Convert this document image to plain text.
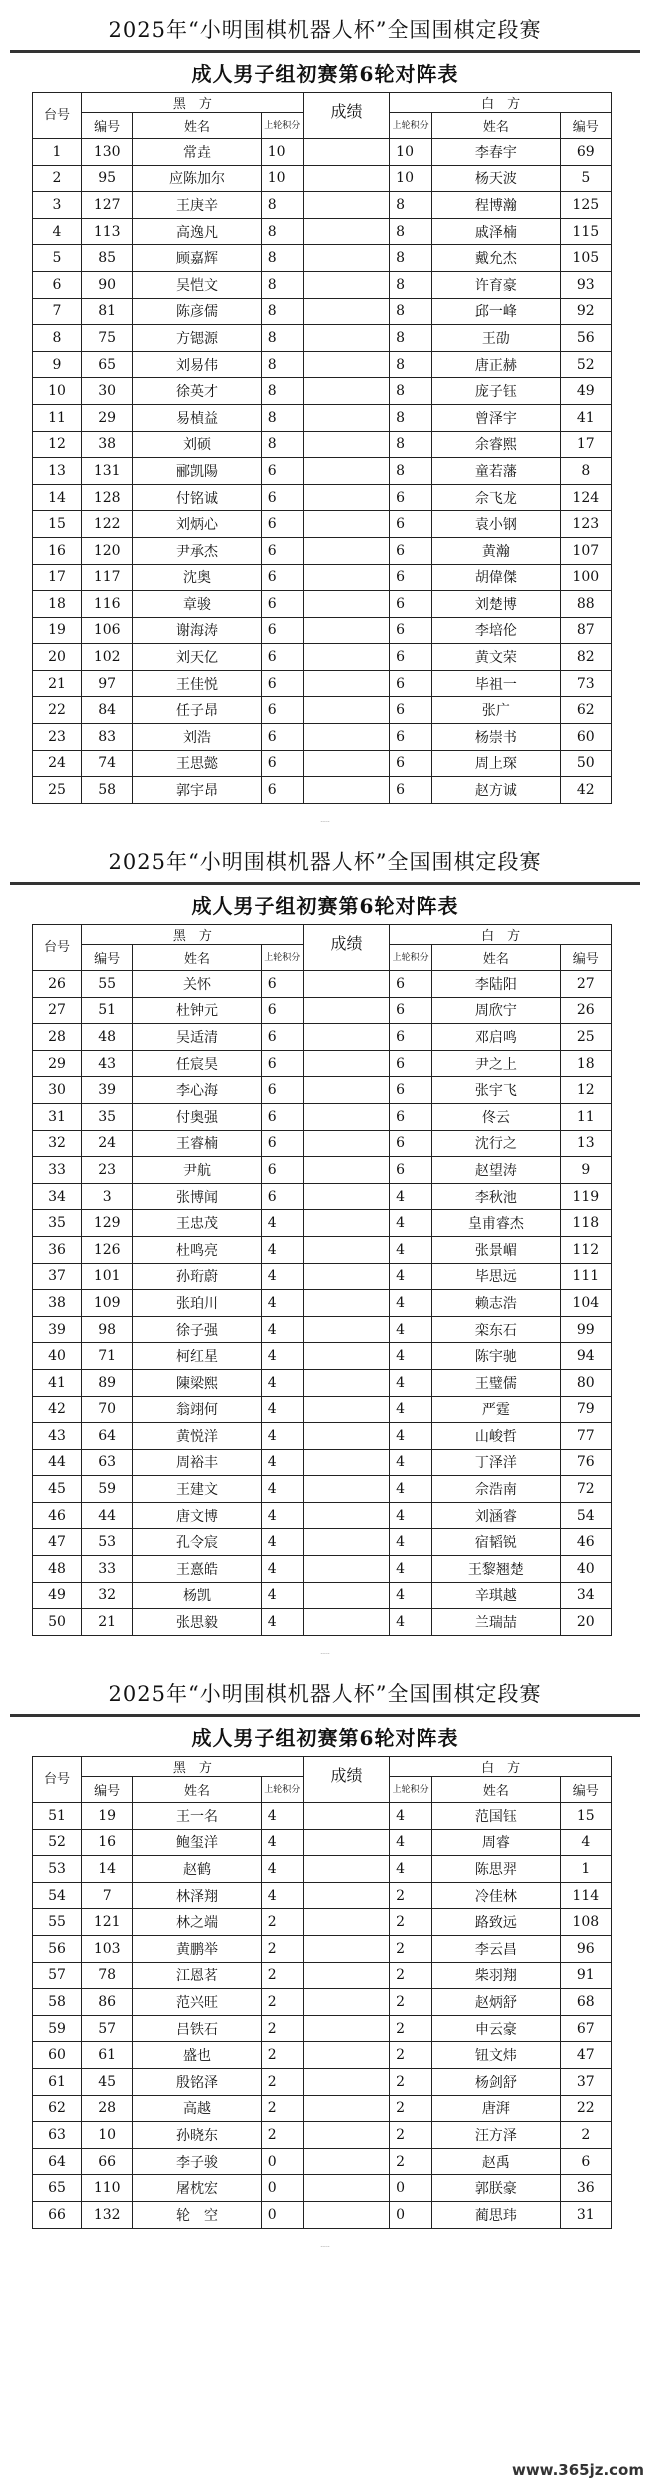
2025年“小明围棋机器人杯”全国围棋定段赛
成人男子组初赛第6轮对阵表
台号	黑　方			成绩	白　方		
	编号	姓名	上轮积分		上轮积分	姓名	编号
1	130	常垚	10		10	李春宇	69
2	95	应陈加尔	10		10	杨天波	5
3	127	王庚辛	8		8	程博瀚	125
4	113	高逸凡	8		8	戚泽楠	115
5	85	顾嘉辉	8		8	戴允杰	105
6	90	吴恺文	8		8	许育豪	93
7	81	陈彦儒	8		8	邱一峰	92
8	75	方锶源	8		8	王劭	56
9	65	刘易伟	8		8	唐正赫	52
10	30	徐英才	8		8	庞子钰	49
11	29	易楨益	8		8	曾泽宇	41
12	38	刘硕	8		8	余睿熙	17
13	131	郦凯陽	6		8	童若藩	8
14	128	付铭诚	6		6	佘飞龙	124
15	122	刘炳心	6		6	袁小钢	123
16	120	尹承杰	6		6	黄瀚	107
17	117	沈奥	6		6	胡偉傑	100
18	116	章骏	6		6	刘楚博	88
19	106	谢海涛	6		6	李培伦	87
20	102	刘天亿	6		6	黄文荣	82
21	97	王佳悦	6		6	毕祖一	73
22	84	任子昂	6		6	张广	62
23	83	刘浩	6		6	杨崇书	60
24	74	王思懿	6		6	周上琛	50
25	58	郭宇昂	6		6	赵方诚	42
·····
2025年“小明围棋机器人杯”全国围棋定段赛
成人男子组初赛第6轮对阵表
台号	黑　方			成绩	白　方		
	编号	姓名	上轮积分		上轮积分	姓名	编号
26	55	关怀	6		6	李陆阳	27
27	51	杜钟元	6		6	周欣宁	26
28	48	吴适清	6		6	邓启鸣	25
29	43	任宸昊	6		6	尹之上	18
30	39	李心海	6		6	张宇飞	12
31	35	付奥强	6		6	佟云	11
32	24	王睿楠	6		6	沈行之	13
33	23	尹航	6		6	赵望涛	9
34	3	张博闻	6		4	李秋池	119
35	129	王忠茂	4		4	皇甫睿杰	118
36	126	杜鸣亮	4		4	张景嵋	112
37	101	孙珩蔚	4		4	毕思远	111
38	109	张珀川	4		4	赖志浩	104
39	98	徐子强	4		4	栾东石	99
40	71	柯红星	4		4	陈宇驰	94
41	89	陳梁熙	4		4	王璧儒	80
42	70	翁翊何	4		4	严霆	79
43	64	黄悦洋	4		4	山峻哲	77
44	63	周裕丰	4		4	丁泽洋	76
45	59	王建文	4		4	佘浩南	72
46	44	唐文博	4		4	刘涵睿	54
47	53	孔令宸	4		4	宿韬锐	46
48	33	王憙皓	4		4	王黎翘楚	40
49	32	杨凯	4		4	辛琪越	34
50	21	张思毅	4		4	兰瑞喆	20
·····
2025年“小明围棋机器人杯”全国围棋定段赛
成人男子组初赛第6轮对阵表
台号	黑　方			成绩	白　方		
	编号	姓名	上轮积分		上轮积分	姓名	编号
51	19	王一名	4		4	范国钰	15
52	16	鲍玺洋	4		4	周睿	4
53	14	赵鹤	4		4	陈思羿	1
54	7	林泽翔	4		2	冷佳林	114
55	121	林之端	2		2	路致远	108
56	103	黄鹏举	2		2	李云昌	96
57	78	江恩茗	2		2	柴羽翔	91
58	86	范兴旺	2		2	赵炳舒	68
59	57	吕铁石	2		2	申云豪	67
60	61	盛也	2		2	钮文炜	47
61	45	殷铭泽	2		2	杨剑舒	37
62	28	高越	2		2	唐湃	22
63	10	孙晓东	2		2	汪方泽	2
64	66	李子骏	0		2	赵禹	6
65	110	屠枕宏	0		0	郭朕豪	36
66	132	轮　空	0		0	蔺思玮	31
·····
www.365jz.com
